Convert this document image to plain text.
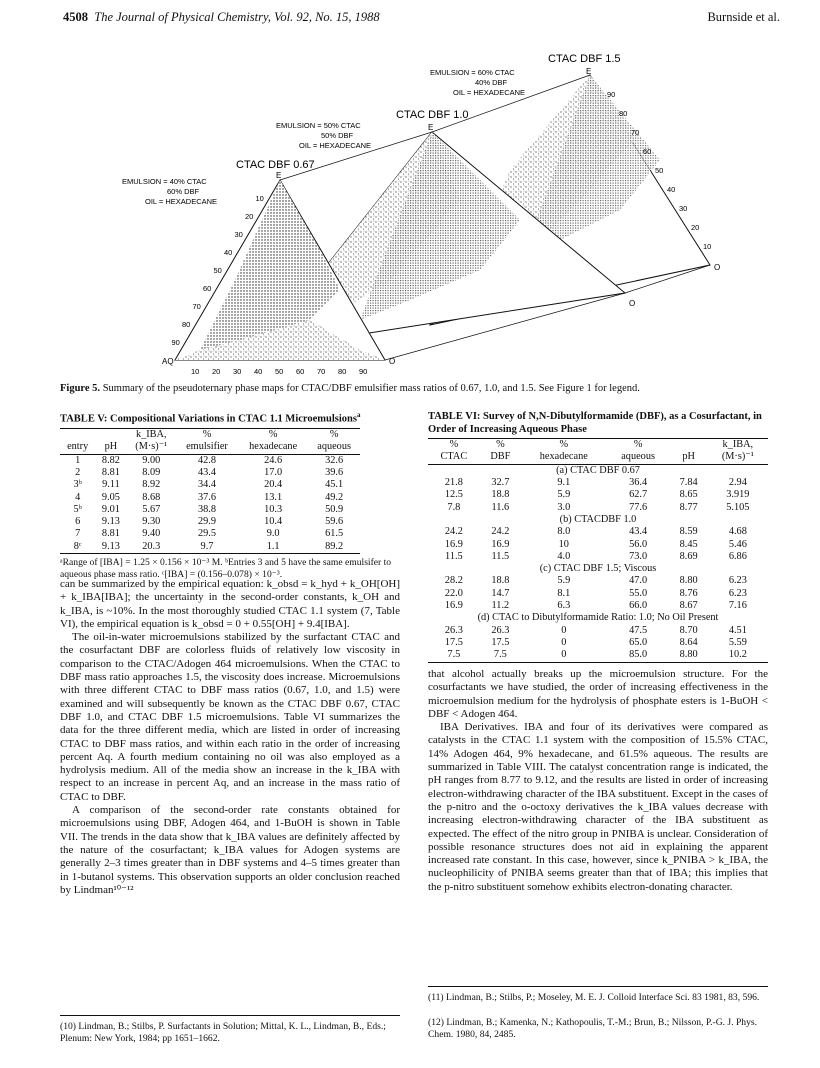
4508 The Journal of Physical Chemistry, Vol. 92, No. 15, 1988	Burnside et al.
CTAC DBF 1.5
CTAC DBF 1.0
CTAC DBF 0.67
EMULSION = 60% CTAC
40% DBF
OIL = HEXADECANE
EMULSION = 50% CTAC
50% DBF
OIL = HEXADECANE
EMULSION = 40% CTAC
60% DBF
OIL = HEXADECANE
E
E
E
AQ	O
O
O
10
20
30
40
50
60
70
80
90
10 20 30 40 50 60 70 80 90
90
80
70
60
50
40
30
20
10
Figure 5. Summary of the pseudoternary phase maps for CTAC/DBF emulsifier mass ratios of 0.67, 1.0, and 1.5. See Figure 1 for legend.
TABLE V: Compositional Variations in CTAC 1.1 Microemulsions$^a$
		k_IBA,	%	%	%
entry	pH	(M·s)⁻¹	emulsifier	hexadecane	aqueous
1	8.82	9.00	42.8	24.6	32.6
2	8.81	8.09	43.4	17.0	39.6
3ᵇ	9.11	8.92	34.4	20.4	45.1
4	9.05	8.68	37.6	13.1	49.2
5ᵇ	9.01	5.67	38.8	10.3	50.9
6	9.13	9.30	29.9	10.4	59.6
7	8.81	9.40	29.5	9.0	61.5
8ᶜ	9.13	20.3	9.7	1.1	89.2
ᵃRange of [IBA] = 1.25 × 0.156 × 10⁻³ M. ᵇEntries 3 and 5 have the same emulsifer to aqueous phase mass ratio. ᶜ[IBA] = (0.156–0.078) × 10⁻³.
TABLE VI: Survey of N,N-Dibutylformamide (DBF), as a Cosurfactant, in Order of Increasing Aqueous Phase
%	%	%	%		k_IBA,
CTAC	DBF	hexadecane	aqueous	pH	(M·s)⁻¹
(a) CTAC DBF 0.67					
21.8	32.7	9.1	36.4	7.84	2.94
12.5	18.8	5.9	62.7	8.65	3.919
7.8	11.6	3.0	77.6	8.77	5.105
(b) CTACDBF 1.0					
24.2	24.2	8.0	43.4	8.59	4.68
16.9	16.9	10	56.0	8.45	5.46
11.5	11.5	4.0	73.0	8.69	6.86
(c) CTAC DBF 1.5; Viscous					
28.2	18.8	5.9	47.0	8.80	6.23
22.0	14.7	8.1	55.0	8.76	6.23
16.9	11.2	6.3	66.0	8.67	7.16
(d) CTAC to Dibutylformamide Ratio: 1.0; No Oil Present					
26.3	26.3	0	47.5	8.70	4.51
17.5	17.5	0	65.0	8.64	5.59
7.5	7.5	0	85.0	8.80	10.2

can be summarized by the empirical equation: k_obsd = k_hyd + k_OH[OH] + k_IBA[IBA]; the uncertainty in the second-order constants, k_OH and k_IBA, is ~10%. In the most thoroughly studied CTAC 1.1 system (7, Table VI), the empirical equation is k_obsd = 0 + 0.55[OH] + 9.4[IBA].

The oil-in-water microemulsions stabilized by the surfactant CTAC and the cosurfactant DBF are colorless fluids of relatively low viscosity in comparison to the CTAC/Adogen 464 microemulsions. When the CTAC to DBF mass ratio approaches 1.5, the viscosity does increase. Microemulsions with three different CTAC to DBF mass ratios (0.67, 1.0, and 1.5) were examined and will subsequently be known as the CTAC DBF 0.67, CTAC DBF 1.0, and CTAC DBF 1.5 microemulsions. Table VI summarizes the data for the three different media, which are listed in order of increasing CTAC to DBF mass ratios, and within each ratio in the order of increasing percent Aq. A fourth medium containing no oil was also employed as a hydrolysis medium. All of the media show an increase in the k_IBA with respect to an increase in percent Aq, and an increase in the mass ratio of CTAC to DBF.

A comparison of the second-order rate constants obtained for microemulsions using DBF, Adogen 464, and 1-BuOH is shown in Table VII. The trends in the data show that k_IBA values are definitely affected by the nature of the cosurfactant; k_IBA values for Adogen systems are generally 2–3 times greater than in DBF systems and 4–5 times greater than in 1-butanol systems. This observation supports an older conclusion reached by Lindman¹⁰⁻¹²

(10) Lindman, B.; Stilbs, P. Surfactants in Solution; Mittal, K. L., Lindman, B., Eds.; Plenum: New York, 1984; pp 1651–1662.

that alcohol actually breaks up the microemulsion structure. For the cosurfactants we have studied, the order of increasing effectiveness in the microemulsion medium for the hydrolysis of phosphate esters is 1-BuOH < DBF < Adogen 464.

IBA Derivatives. IBA and four of its derivatives were compared as catalysts in the CTAC 1.1 system with the composition of 15.5% CTAC, 14% Adogen 464, 9% hexadecane, and 61.5% aqueous. The results are summarized in Table VIII. The catalyst concentration range is indicated, the pH ranges from 8.77 to 9.12, and the results are listed in order of increasing electron-withdrawing character of the IBA substituent. Except in the cases of the p-nitro and the o-octoxy derivatives the k_IBA values decrease with increasing electron-withdrawing character of the IBA substituent as expected. The effect of the nitro group in PNIBA is unclear. Consideration of possible resonance structures does not aid in explaining the apparent increased rate constant. In this case, however, since k_PNIBA > k_IBA, the nucleophilicity of PNIBA seems greater than that of IBA; this implies that the p-nitro substituent somehow exhibits electron-donating character.

(11) Lindman, B.; Stilbs, P.; Moseley, M. E. J. Colloid Interface Sci. 83 1981, 83, 596.
(12) Lindman, B.; Kamenka, N.; Kathopoulis, T.-M.; Brun, B.; Nilsson, P.-G. J. Phys. Chem. 1980, 84, 2485.
